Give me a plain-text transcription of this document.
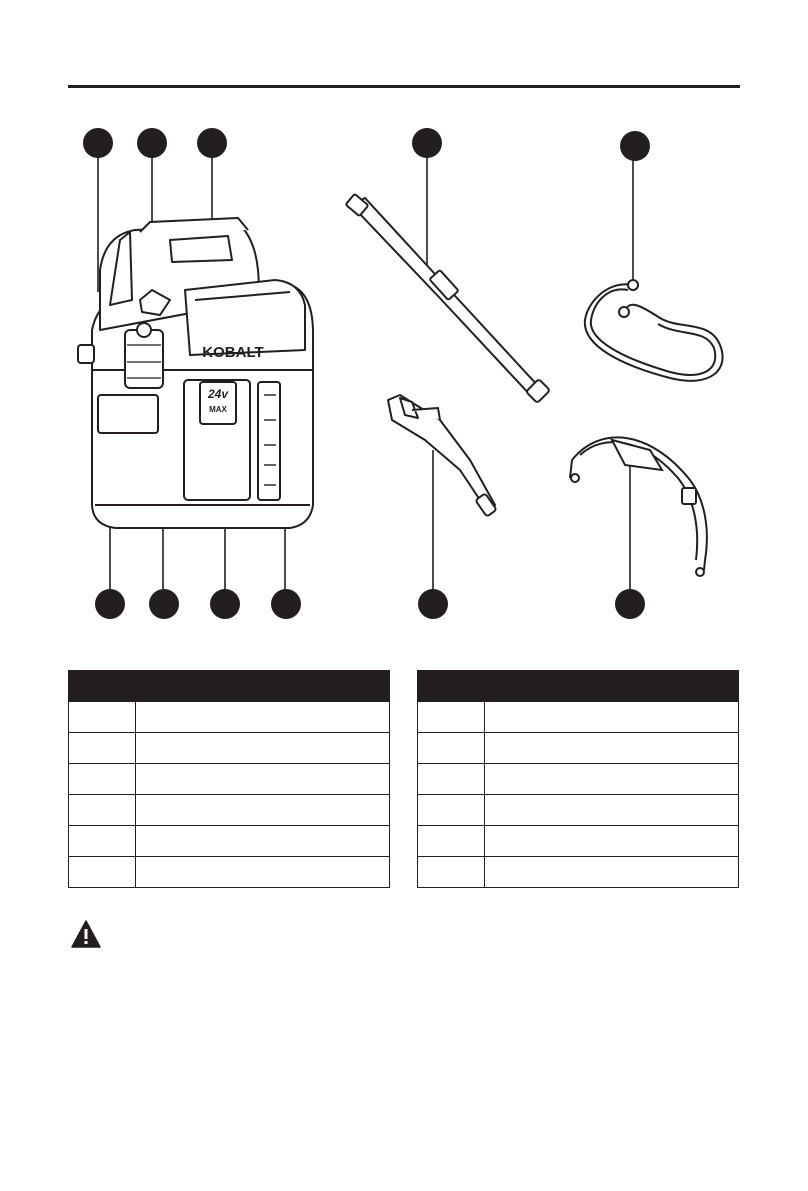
KOBALT
24v
MAX
